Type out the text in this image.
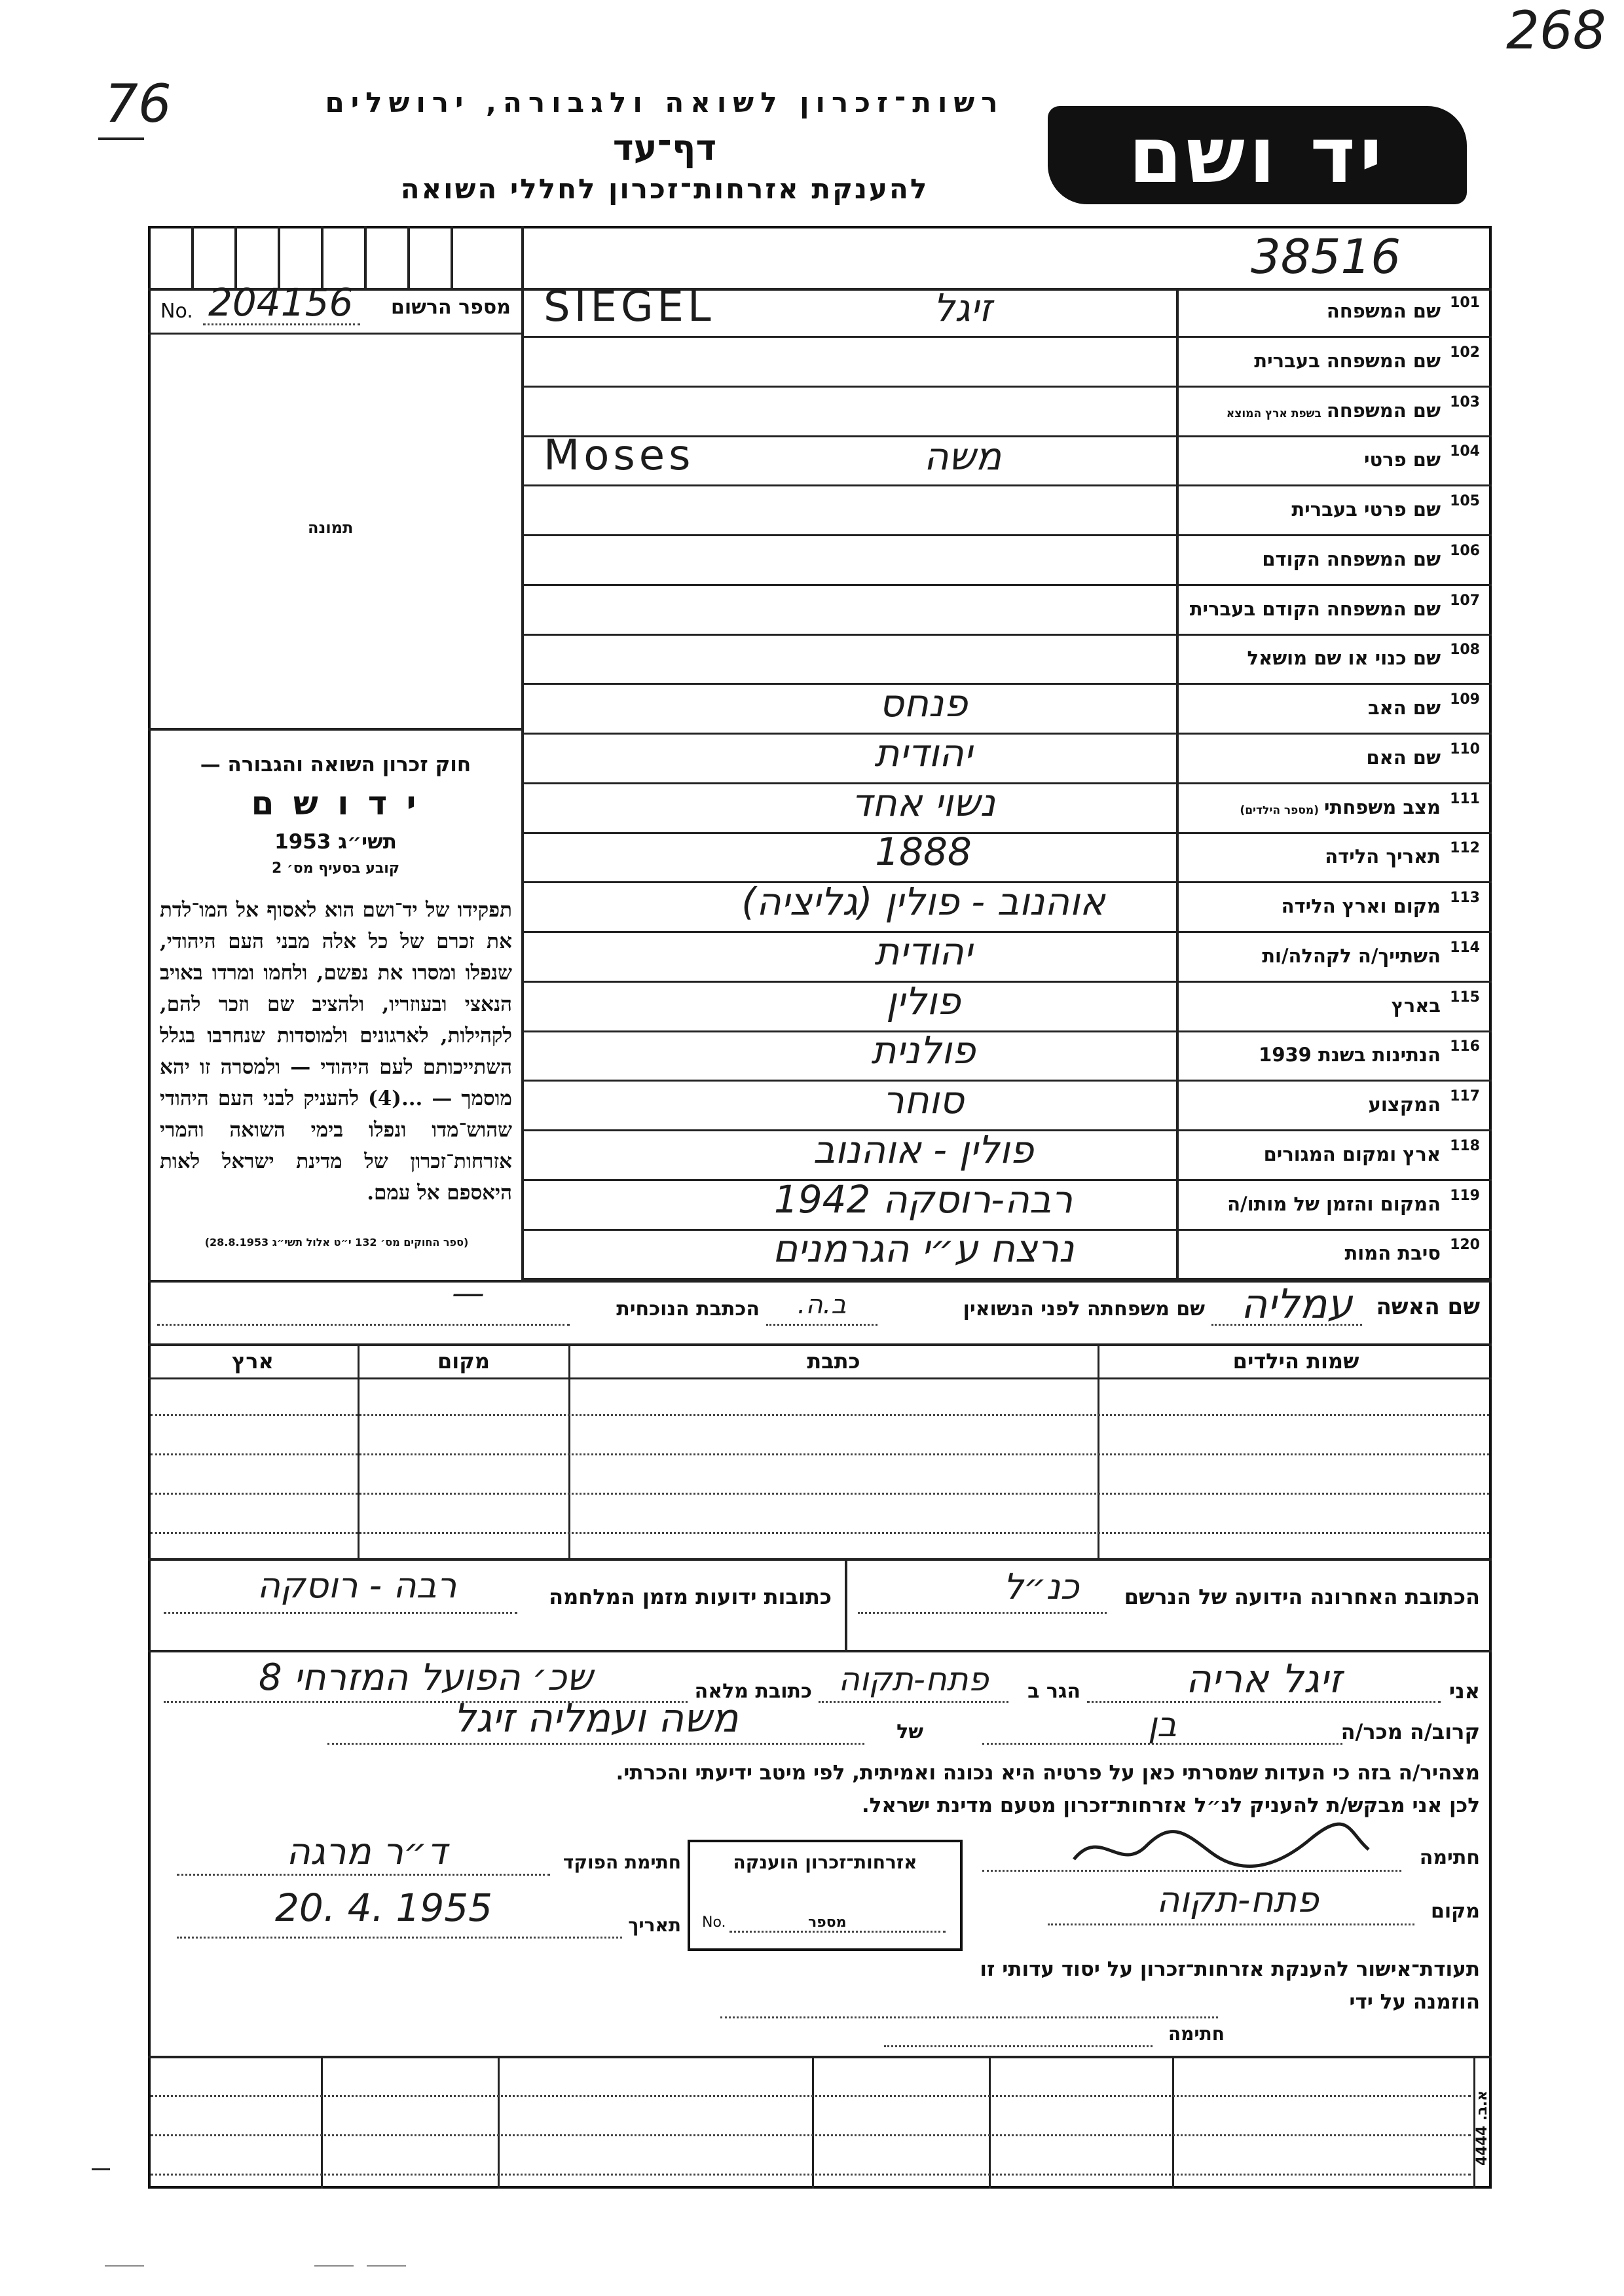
268
76	רשות־זכרון לשואה ולגבורה, ירושלים
דף־עד
להענקת אזרחות־זכרון לחללי השואה	יד ושם
38516
מספר הרשום
No. 204156
תמונה
חוק זכרון השואה והגבורה —
י ד ו ש ם
תשי״ג 1953
קובע בסעיף מס׳ 2
תפקידו של יד־ושם הוא לאסוף אל המו־לדת את זכרם של כל אלה מבני העם היהודי, שנפלו ומסרו את נפשם, ולחמו ומרדו באויב הנאצי ובעוזריו, ולהציב שם וזכר להם, לקהילות, לארגונים ולמוסדות שנחרבו בגלל השתייכותם לעם היהודי — ולמסרה זו יהא מוסמך — ...(4) להעניק לבני העם היהודי שהוש־מדו ונפלו בימי השואה והמרי אזרחות־זכרון של מדינת ישראל לאות היאספם אל עמם.
(ספר החוקים מס׳ 132 י״ט אלול תשי״ג 28.8.1953)
101
שם המשפחה
SIEGEL	זיגל
102
שם המשפחה בעברית
103
שם המשפחהבשפת ארץ המוצא
104
שם פרטי
Moses	משה
105
שם פרטי בעברית
106
שם המשפחה הקודם
107
שם המשפחה הקודם בעברית
108
שם כנוי או שם מושאל
109
שם האב
פנחס
110
שם האם
יהודית
111
מצב משפחתי(מספר הילדים)
נשוי אחד
112
תאריך הלידה
1888
113
מקום וארץ הלידה
אוהנוב - פולין (גליציה)
114
השתייך/ה לקהלה/ות
יהודית
115
בארץ
פולין
116
הנתינות בשנת 1939
פולנית
117
המקצוע
סוחר
118
ארץ ומקום המגורים
פולין - אוהנוב
119
המקום והזמן של מותו/ה
רבה-רוסקה 1942
120
סיבת המות
נרצח ע״י הגרמנים
שם האשה
עמליה
שם משפחתה לפני הנשואין
ב.ה.
הכתבת הנוכחית
—
שמות הילדים
כתבת
מקום
ארץ
הכתובת האחרונה הידועה של הנרשם
כנ״ל
כתובות ידועות מזמן המלחמה
רבה - רוסקה
אני
זיגל אריה
הגר ב
פתח-תקוה
כתובת מלאה
שכ׳ הפועל המזרחי 8
קרוב/ה מכר/ה
בן
של
משה ועמליה זיגל
מצהיר/ה בזה כי העדות שמסרתי כאן על פרטיה היא נכונה ואמיתית, לפי מיטב ידיעתי והכרתי.
לכן אני מבקש/ת להעניק לנ״ל אזרחות־זכרון מטעם מדינת ישראל.
חתימה
מקום
פתח-תקוה
חתימת הפוקד
ד״ר מרגה
תאריך
20. 4. 1955
אזרחות־זכרון הוענקה
No.	מספר
תעודת־אישור להענקת אזרחות־זכרון על יסוד עדותי זו
הוזמנה על ידי
חתימה
א.ב. 4444
